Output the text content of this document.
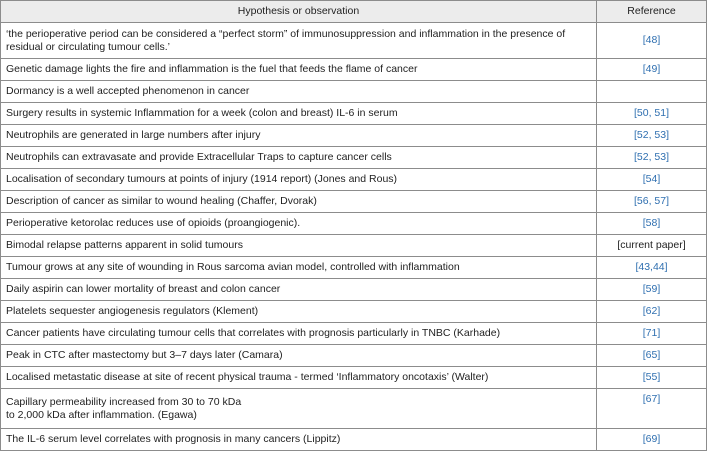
Hypothesis or observation	Reference
‘the perioperative period can be considered a “perfect storm” of immunosuppression and inflammation in the presence of residual or circulating tumour cells.’	[48]
Genetic damage lights the fire and inflammation is the fuel that feeds the flame of cancer	[49]
Dormancy is a well accepted phenomenon in cancer	
Surgery results in systemic Inflammation for a week (colon and breast) IL-6 in serum	[50, 51]
Neutrophils are generated in large numbers after injury	[52, 53]
Neutrophils can extravasate and provide Extracellular Traps to capture cancer cells	[52, 53]
Localisation of secondary tumours at points of injury (1914 report) (Jones and Rous)	[54]
Description of cancer as similar to wound healing (Chaffer, Dvorak)	[56, 57]
Perioperative ketorolac reduces use of opioids (proangiogenic).	[58]
Bimodal relapse patterns apparent in solid tumours	[current paper]
Tumour grows at any site of wounding in Rous sarcoma avian model, controlled with inflammation	[43,44]
Daily aspirin can lower mortality of breast and colon cancer	[59]
Platelets sequester angiogenesis regulators (Klement)	[62]
Cancer patients have circulating tumour cells that correlates with prognosis particularly in TNBC (Karhade)	[71]
Peak in CTC after mastectomy but 3–7 days later (Camara)	[65]
Localised metastatic disease at site of recent physical trauma - termed ‘Inflammatory oncotaxis’ (Walter)	[55]
Capillary permeability increased from 30 to 70 kDa
to 2,000 kDa after inflammation. (Egawa)	[67]
The IL-6 serum level correlates with prognosis in many cancers (Lippitz)	[69]
